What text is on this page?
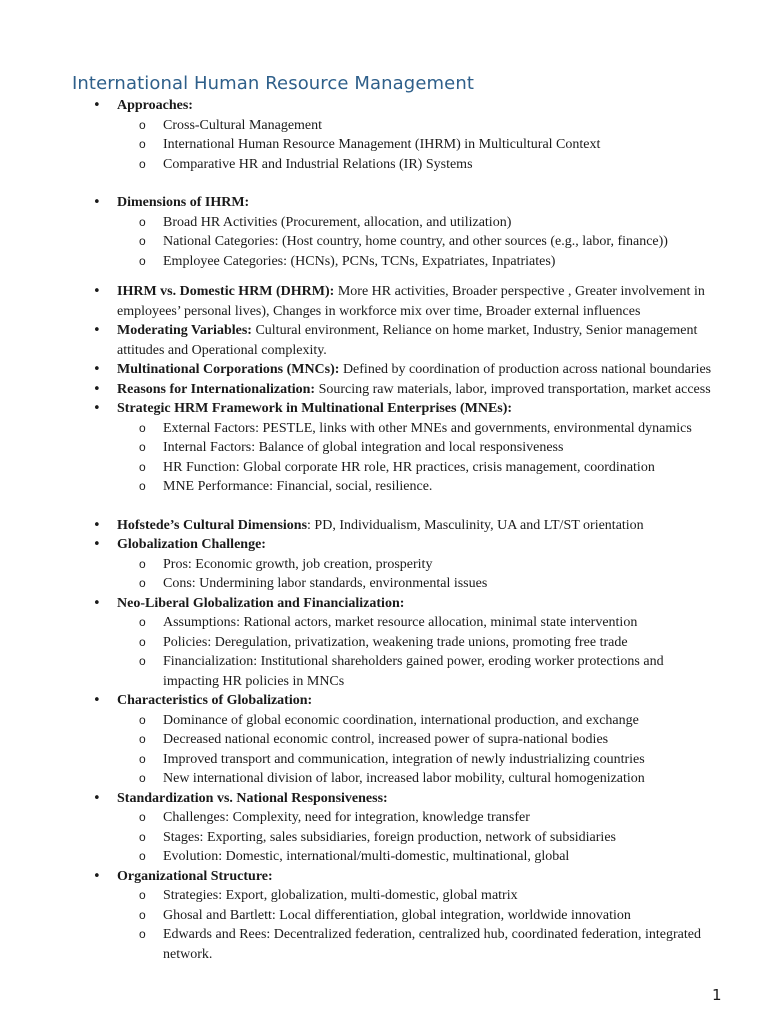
International Human Resource Management
• Approaches:
o Cross-Cultural Management
o International Human Resource Management (IHRM) in Multicultural Context
o Comparative HR and Industrial Relations (IR) Systems
• Dimensions of IHRM:
o Broad HR Activities (Procurement, allocation, and utilization)
o National Categories: (Host country, home country, and other sources (e.g., labor, finance))
o Employee Categories: (HCNs), PCNs, TCNs, Expatriates, Inpatriates)
• IHRM vs. Domestic HRM (DHRM): More HR activities, Broader perspective , Greater involvement in employees’ personal lives), Changes in workforce mix over time, Broader external influences
• Moderating Variables: Cultural environment, Reliance on home market, Industry, Senior management attitudes and Operational complexity.
• Multinational Corporations (MNCs): Defined by coordination of production across national boundaries
• Reasons for Internationalization: Sourcing raw materials, labor, improved transportation, market access
• Strategic HRM Framework in Multinational Enterprises (MNEs):
o External Factors: PESTLE, links with other MNEs and governments, environmental dynamics
o Internal Factors: Balance of global integration and local responsiveness
o HR Function: Global corporate HR role, HR practices, crisis management, coordination
o MNE Performance: Financial, social, resilience.
• Hofstede’s Cultural Dimensions: PD, Individualism, Masculinity, UA and LT/ST orientation
• Globalization Challenge:
o Pros: Economic growth, job creation, prosperity
o Cons: Undermining labor standards, environmental issues
• Neo-Liberal Globalization and Financialization:
o Assumptions: Rational actors, market resource allocation, minimal state intervention
o Policies: Deregulation, privatization, weakening trade unions, promoting free trade
o Financialization: Institutional shareholders gained power, eroding worker protections and impacting HR policies in MNCs
• Characteristics of Globalization:
o Dominance of global economic coordination, international production, and exchange
o Decreased national economic control, increased power of supra-national bodies
o Improved transport and communication, integration of newly industrializing countries
o New international division of labor, increased labor mobility, cultural homogenization
• Standardization vs. National Responsiveness:
o Challenges: Complexity, need for integration, knowledge transfer
o Stages: Exporting, sales subsidiaries, foreign production, network of subsidiaries
o Evolution: Domestic, international/multi-domestic, multinational, global
• Organizational Structure:
o Strategies: Export, globalization, multi-domestic, global matrix
o Ghosal and Bartlett: Local differentiation, global integration, worldwide innovation
o Edwards and Rees: Decentralized federation, centralized hub, coordinated federation, integrated network.
1
